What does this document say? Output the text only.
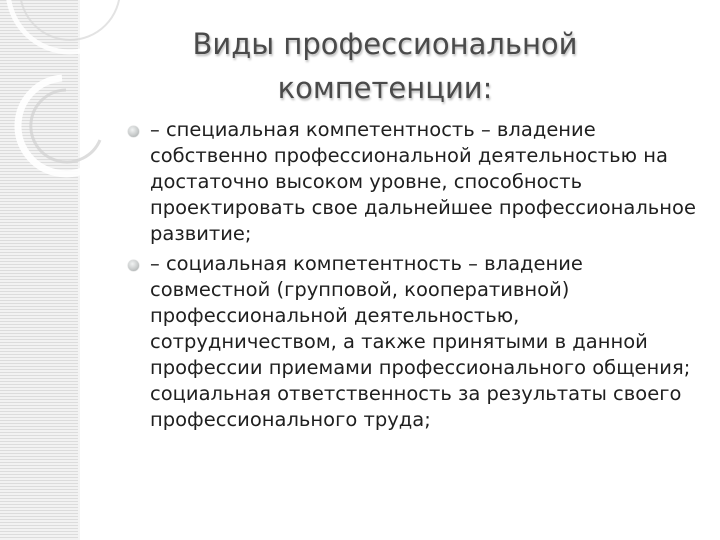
Виды профессиональной
компетенции:
– специальная компетентность – владение собственно профессиональной деятельностью на достаточно высоком уровне, способность проектировать свое дальнейшее профессиональное развитие;
– социальная компетентность – владение совместной (групповой, кооперативной) профессиональной деятельностью, сотрудничеством, а также принятыми в данной профессии приемами профессионального общения; социальная ответственность за результаты своего профессионального труда;
